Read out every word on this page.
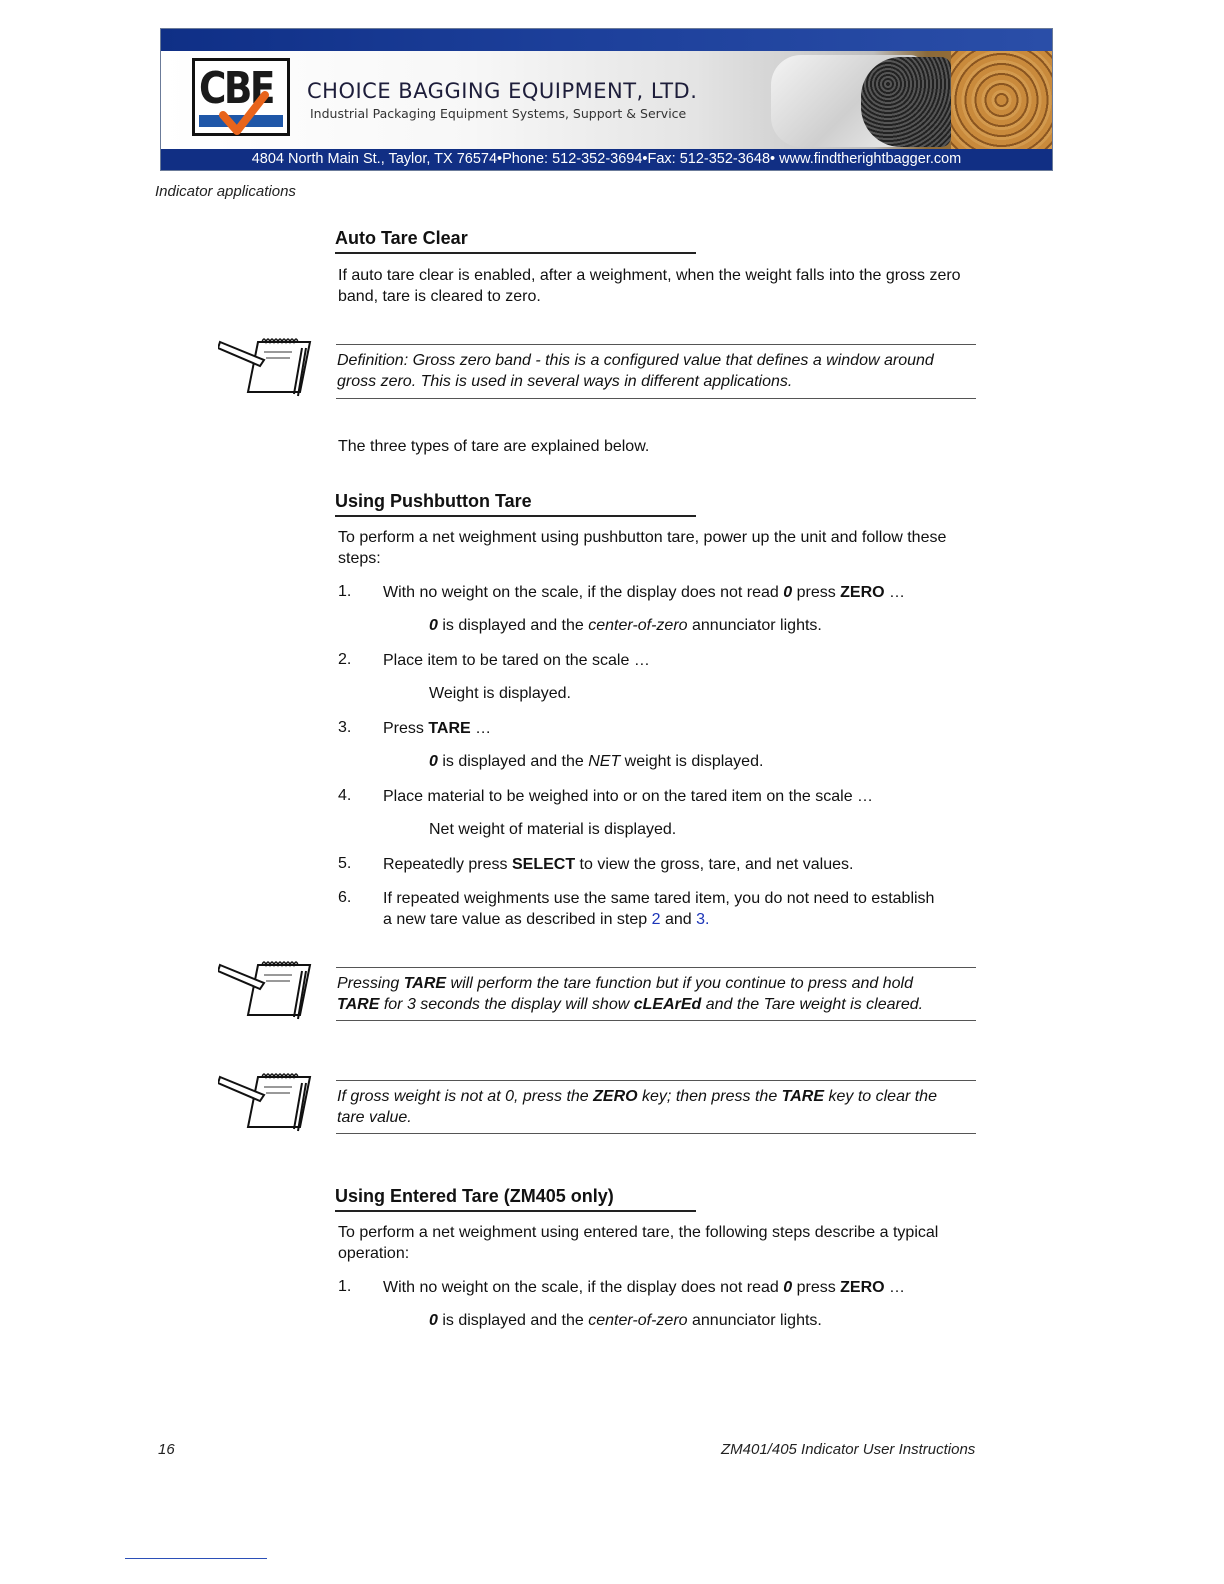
CBE CHOICE BAGGING EQUIPMENT, LTD.
Industrial Packaging Equipment Systems, Support & Service
4804 North Main St., Taylor, TX 76574•Phone: 512-352-3694•Fax: 512-352-3648• www.findtherightbagger.com
Indicator applications
Auto Tare Clear
If auto tare clear is enabled, after a weighment, when the weight falls into the gross zero
band, tare is cleared to zero.
Definition: Gross zero band - this is a configured value that defines a window around
gross zero. This is used in several ways in different applications.
The three types of tare are explained below.
Using Pushbutton Tare
To perform a net weighment using pushbutton tare, power up the unit and follow these
steps:
1. With no weight on the scale, if the display does not read 0 press ZERO …
0 is displayed and the center-of-zero annunciator lights.
2. Place item to be tared on the scale …
Weight is displayed.
3. Press TARE …
0 is displayed and the NET weight is displayed.
4. Place material to be weighed into or on the tared item on the scale …
Net weight of material is displayed.
5. Repeatedly press SELECT to view the gross, tare, and net values.
6. If repeated weighments use the same tared item, you do not need to establish
a new tare value as described in step 2 and 3.
Pressing TARE will perform the tare function but if you continue to press and hold
TARE for 3 seconds the display will show cLEArEd and the Tare weight is cleared.
If gross weight is not at 0, press the ZERO key; then press the TARE key to clear the
tare value.
Using Entered Tare (ZM405 only)
To perform a net weighment using entered tare, the following steps describe a typical
operation:
1. With no weight on the scale, if the display does not read 0 press ZERO …
0 is displayed and the center-of-zero annunciator lights.
16	ZM401/405 Indicator User Instructions
